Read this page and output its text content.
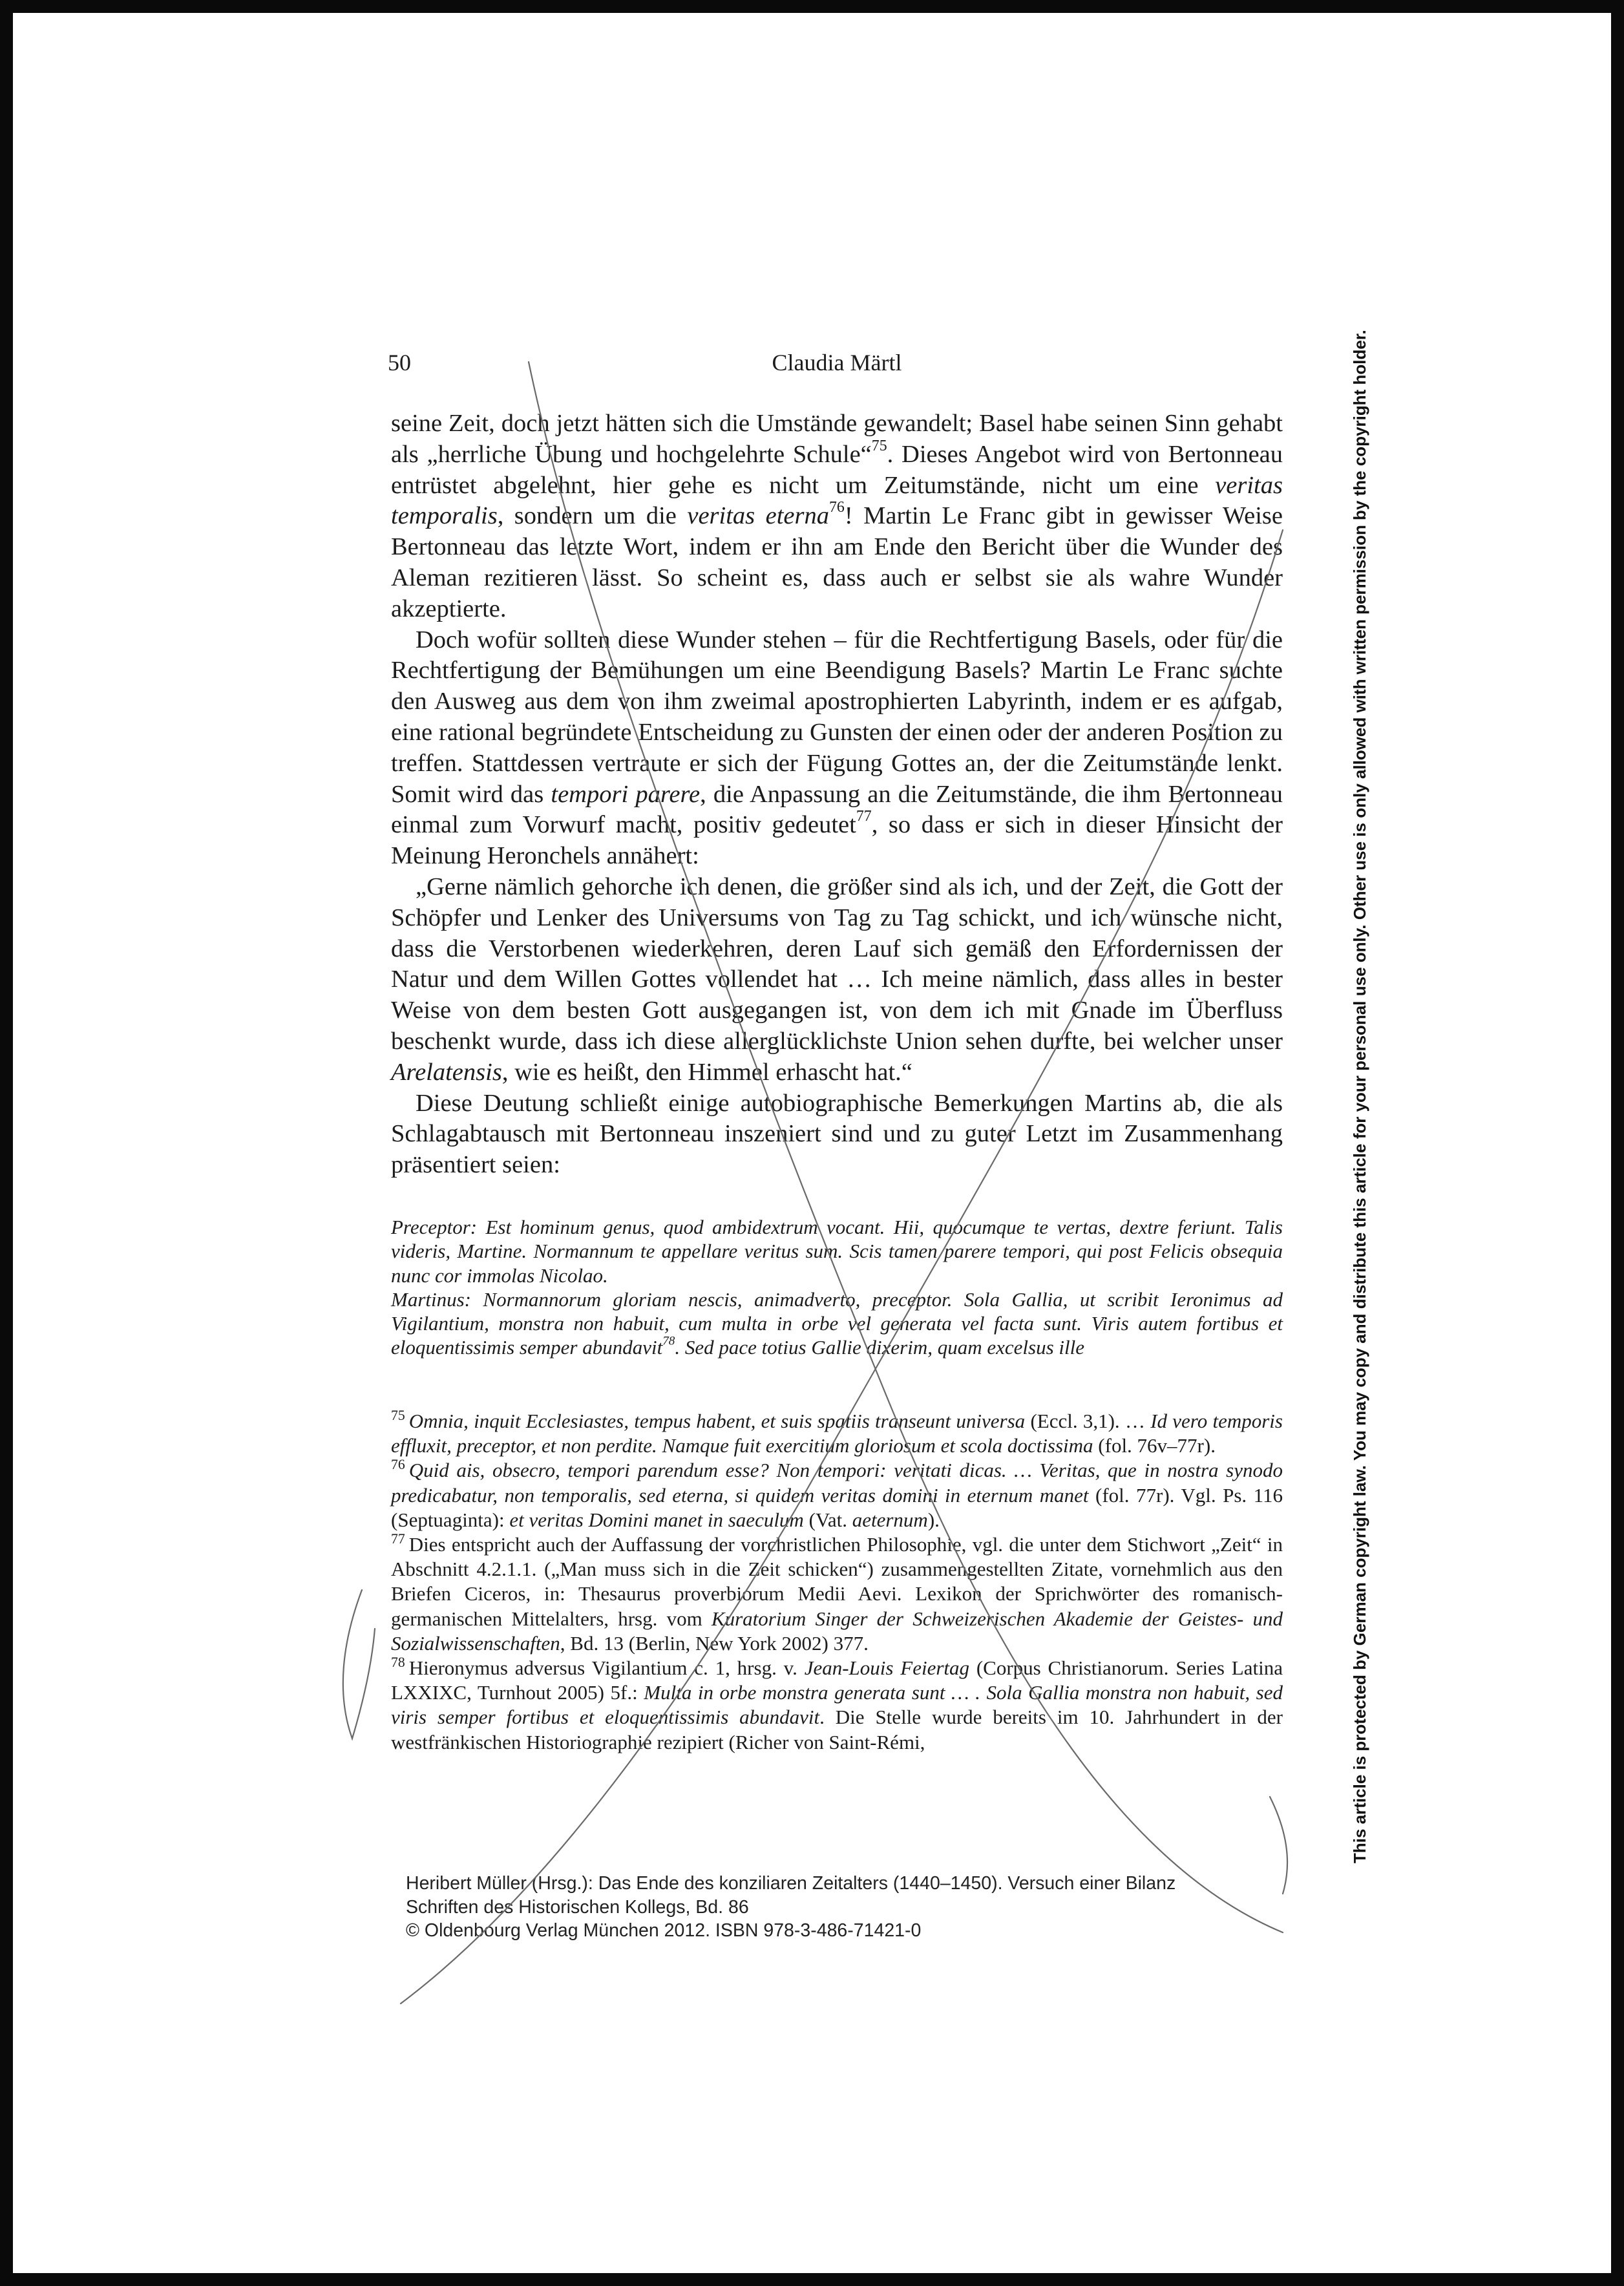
50	Claudia Märtl

seine Zeit, doch jetzt hätten sich die Umstände gewandelt; Basel habe seinen Sinn gehabt als „herrliche Übung und hochgelehrte Schule“$^{75}$. Dieses Angebot wird von Bertonneau entrüstet abgelehnt, hier gehe es nicht um Zeitumstände, nicht um eine veritas temporalis, sondern um die veritas eterna$^{76}$! Martin Le Franc gibt in gewisser Weise Bertonneau das letzte Wort, indem er ihn am Ende den Bericht über die Wunder des Aleman rezitieren lässt. So scheint es, dass auch er selbst sie als wahre Wunder akzeptierte.

Doch wofür sollten diese Wunder stehen – für die Rechtfertigung Basels, oder für die Rechtfertigung der Bemühungen um eine Beendigung Basels? Martin Le Franc suchte den Ausweg aus dem von ihm zweimal apostrophierten Labyrinth, indem er es aufgab, eine rational begründete Entscheidung zu Gunsten der einen oder der anderen Position zu treffen. Stattdessen vertraute er sich der Fügung Gottes an, der die Zeitumstände lenkt. Somit wird das tempori parere, die Anpassung an die Zeitumstände, die ihm Bertonneau einmal zum Vorwurf macht, positiv gedeutet$^{77}$, so dass er sich in dieser Hinsicht der Meinung Heronchels annähert:

„Gerne nämlich gehorche ich denen, die größer sind als ich, und der Zeit, die Gott der Schöpfer und Lenker des Universums von Tag zu Tag schickt, und ich wünsche nicht, dass die Verstorbenen wiederkehren, deren Lauf sich gemäß den Erfordernissen der Natur und dem Willen Gottes vollendet hat … Ich meine nämlich, dass alles in bester Weise von dem besten Gott ausgegangen ist, von dem ich mit Gnade im Überfluss beschenkt wurde, dass ich diese allerglücklichste Union sehen durfte, bei welcher unser Arelatensis, wie es heißt, den Himmel erhascht hat.“

Diese Deutung schließt einige autobiographische Bemerkungen Martins ab, die als Schlagabtausch mit Bertonneau inszeniert sind und zu guter Letzt im Zusammenhang präsentiert seien:

Preceptor: Est hominum genus, quod ambidextrum vocant. Hii, quocumque te vertas, dextre feriunt. Talis videris, Martine. Normannum te appellare veritus sum. Scis tamen parere tempori, qui post Felicis obsequia nunc cor immolas Nicolao.

Martinus: Normannorum gloriam nescis, animadverto, preceptor. Sola Gallia, ut scribit Ieronimus ad Vigilantium, monstra non habuit, cum multa in orbe vel generata vel facta sunt. Viris autem fortibus et eloquentissimis semper abundavit$^{78}$. Sed pace totius Gallie dixerim, quam excelsus ille

$^{75}$ Omnia, inquit Ecclesiastes, tempus habent, et suis spatiis transeunt universa (Eccl. 3,1). … Id vero temporis effluxit, preceptor, et non perdite. Namque fuit exercitium gloriosum et scola doctissima (fol. 76v–77r).

$^{76}$ Quid ais, obsecro, tempori parendum esse? Non tempori: veritati dicas. … Veritas, que in nostra synodo predicabatur, non temporalis, sed eterna, si quidem veritas domini in eternum manet (fol. 77r). Vgl. Ps. 116 (Septuaginta): et veritas Domini manet in saeculum (Vat. aeternum).

$^{77}$ Dies entspricht auch der Auffassung der vorchristlichen Philosophie, vgl. die unter dem Stichwort „Zeit“ in Abschnitt 4.2.1.1. („Man muss sich in die Zeit schicken“) zusammengestellten Zitate, vornehmlich aus den Briefen Ciceros, in: Thesaurus proverbiorum Medii Aevi. Lexikon der Sprichwörter des romanisch-germanischen Mittelalters, hrsg. vom Kuratorium Singer der Schweizerischen Akademie der Geistes- und Sozialwissenschaften, Bd. 13 (Berlin, New York 2002) 377.

$^{78}$ Hieronymus adversus Vigilantium c. 1, hrsg. v. Jean-Louis Feiertag (Corpus Christianorum. Series Latina LXXIXC, Turnhout 2005) 5f.: Multa in orbe monstra generata sunt … . Sola Gallia monstra non habuit, sed viris semper fortibus et eloquentissimis abundavit. Die Stelle wurde bereits im 10. Jahrhundert in der westfränkischen Historiographie rezipiert (Richer von Saint-Rémi,

Heribert Müller (Hrsg.): Das Ende des konziliaren Zeitalters (1440–1450). Versuch einer Bilanz
Schriften des Historischen Kollegs, Bd. 86
© Oldenbourg Verlag München 2012. ISBN 978-3-486-71421-0
This article is protected by German copyright law. You may copy and distribute this article for your personal use only. Other use is only allowed with written permission by the copyright holder.
